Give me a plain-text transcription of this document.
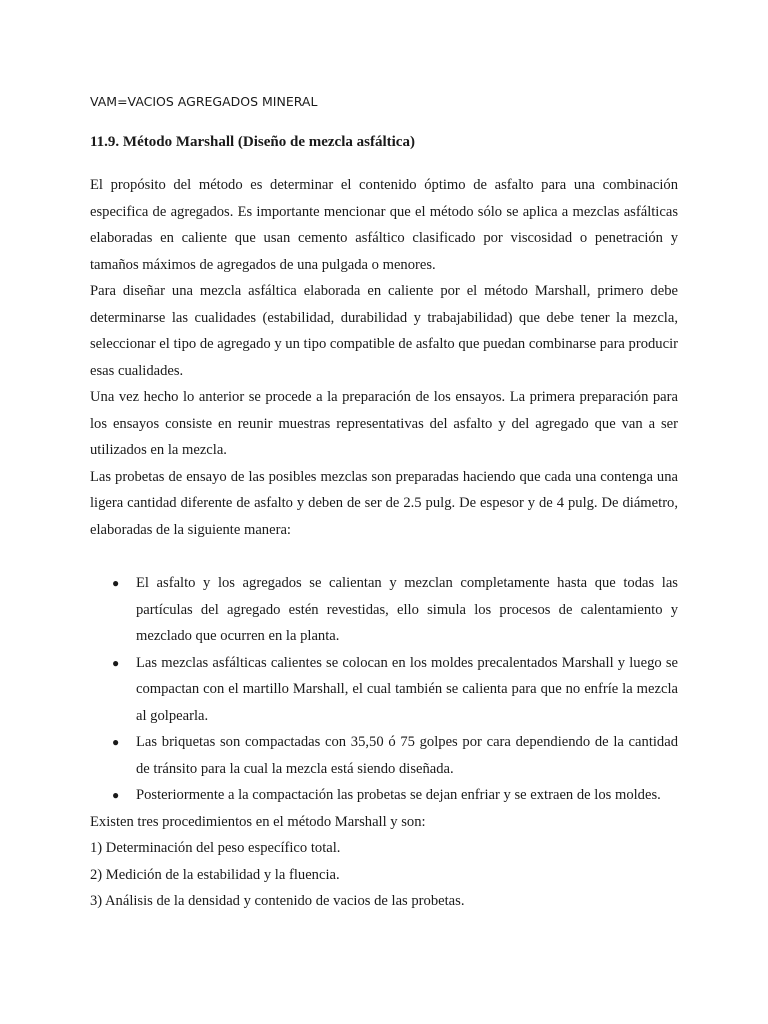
VAM=VACIOS AGREGADOS MINERAL
11.9. Método Marshall (Diseño de mezcla asfáltica)

El propósito del método es determinar el contenido óptimo de asfalto para una combinación especifica de agregados. Es importante mencionar que el método sólo se aplica a mezclas asfálticas elaboradas en caliente que usan cemento asfáltico clasificado por viscosidad o penetración y tamaños máximos de agregados de una pulgada o menores.

Para diseñar una mezcla asfáltica elaborada en caliente por el método Marshall, primero debe determinarse las cualidades (estabilidad, durabilidad y trabajabilidad) que debe tener la mezcla, seleccionar el tipo de agregado y un tipo compatible de asfalto que puedan combinarse para producir esas cualidades.

Una vez hecho lo anterior se procede a la preparación de los ensayos. La primera preparación para los ensayos consiste en reunir muestras representativas del asfalto y del agregado que van a ser utilizados en la mezcla.

Las probetas de ensayo de las posibles mezclas son preparadas haciendo que cada una contenga una ligera cantidad diferente de asfalto y deben de ser de 2.5 pulg. De espesor y de 4 pulg. De diámetro, elaboradas de la siguiente manera:

● El asfalto y los agregados se calientan y mezclan completamente hasta que todas las partículas del agregado estén revestidas, ello simula los procesos de calentamiento y mezclado que ocurren en la planta.
● Las mezclas asfálticas calientes se colocan en los moldes precalentados Marshall y luego se compactan con el martillo Marshall, el cual también se calienta para que no enfríe la mezcla al golpearla.
● Las briquetas son compactadas con 35,50 ó 75 golpes por cara dependiendo de la cantidad de tránsito para la cual la mezcla está siendo diseñada.
● Posteriormente a la compactación las probetas se dejan enfriar y se extraen de los moldes.

Existen tres procedimientos en el método Marshall y son:

1) Determinación del peso específico total.
2) Medición de la estabilidad y la fluencia.
3) Análisis de la densidad y contenido de vacios de las probetas.
